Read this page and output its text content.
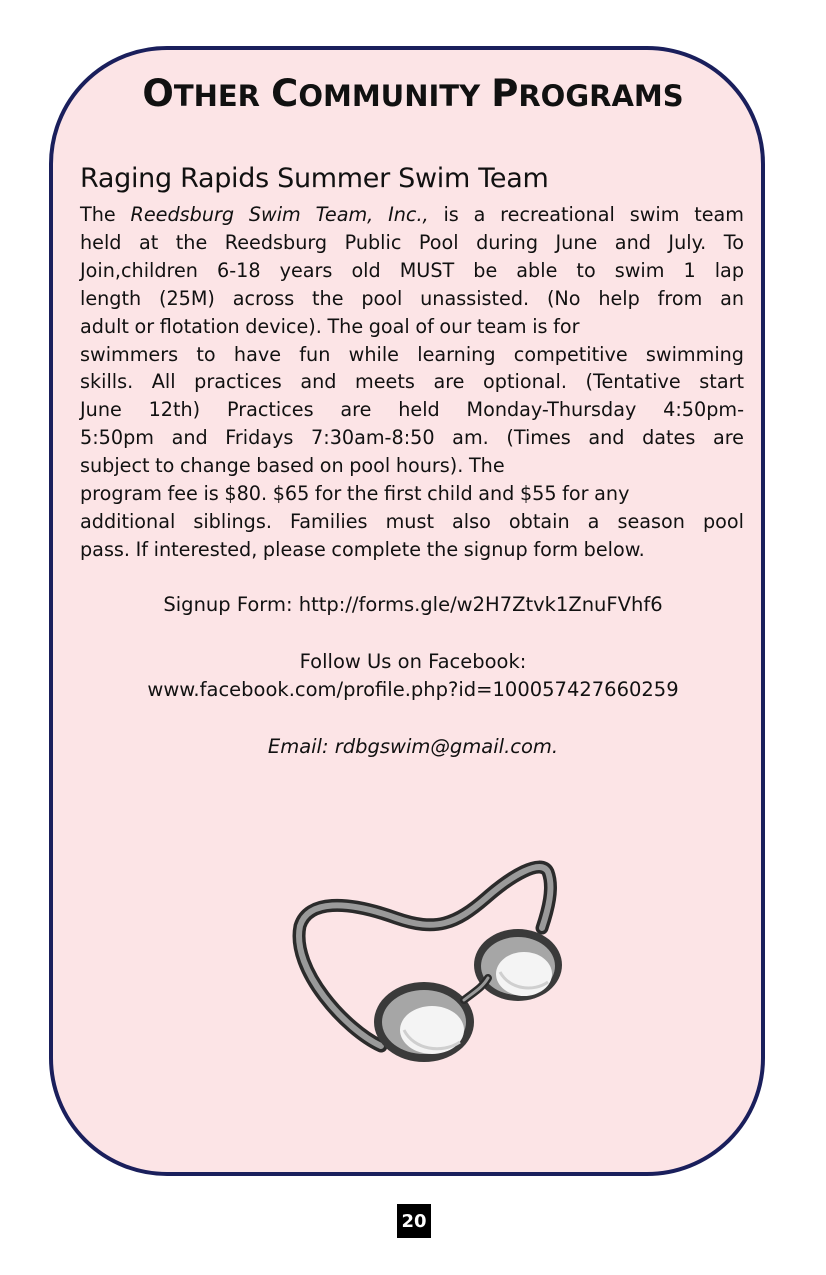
OTHER COMMUNITY PROGRAMS
Raging Rapids Summer Swim Team
The Reedsburg Swim Team, Inc., is a recreational swim team
held at the Reedsburg Public Pool during June and July. To
Join,children 6-18 years old MUST be able to swim 1 lap
length (25M) across the pool unassisted. (No help from an
adult or flotation device). The goal of our team is for
swimmers to have fun while learning competitive swimming
skills. All practices and meets are optional. (Tentative start
June 12th) Practices are held Monday-Thursday 4:50pm-
5:50pm and Fridays 7:30am-8:50 am. (Times and dates are
subject to change based on pool hours). The
program fee is $80. $65 for the first child and $55 for any
additional siblings. Families must also obtain a season pool
pass. If interested, please complete the signup form below.

Signup Form: http://forms.gle/w2H7Ztvk1ZnuFVhf6

Follow Us on Facebook:

www.facebook.com/profile.php?id=100057427660259

Email: rdbgswim@gmail.com.

20
